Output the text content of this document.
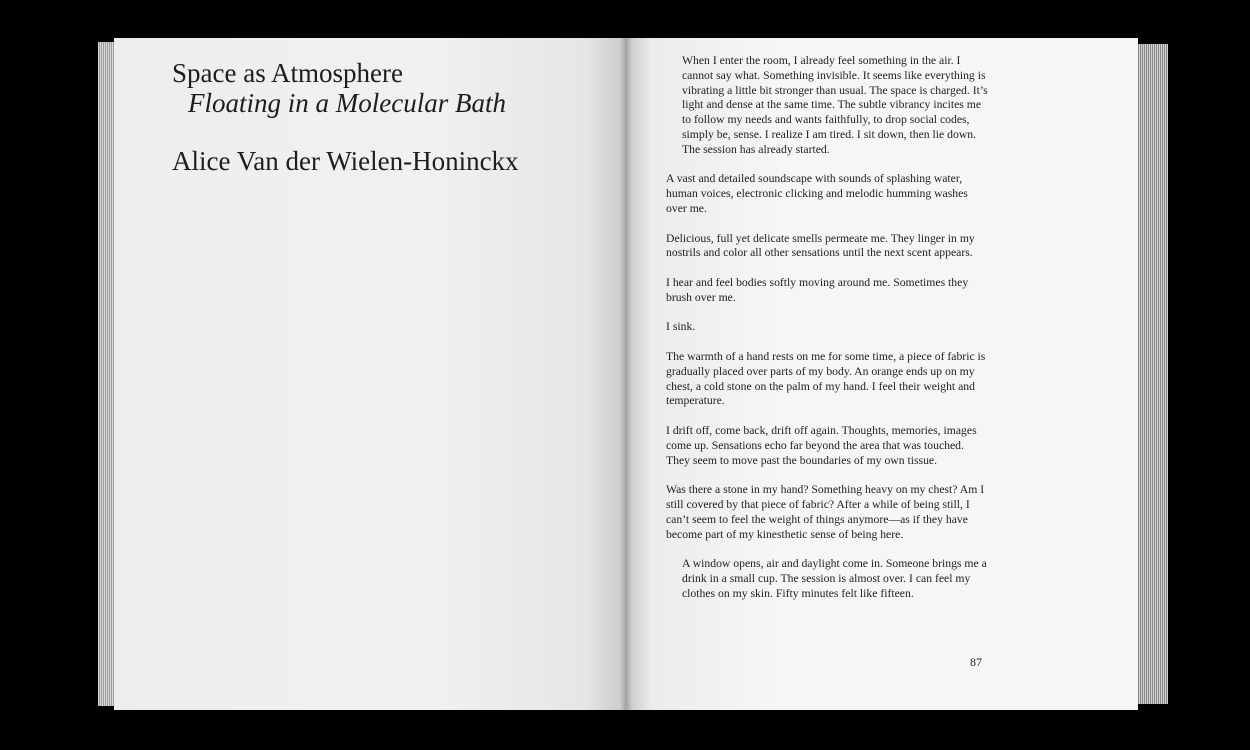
Space as Atmosphere
Floating in a Molecular Bath
Alice Van der Wielen-Honinckx

When I enter the room, I already feel something in the air. I cannot say what. Something invisible. It seems like everything is vibrating a little bit stronger than usual. The space is charged. It’s light and dense at the same time. The subtle vibrancy incites me to follow my needs and wants faithfully, to drop social codes, simply be, sense. I realize I am tired. I sit down, then lie down. The session has already started.

A vast and detailed soundscape with sounds of splashing water, human voices, electronic clicking and melodic humming washes over me.

Delicious, full yet delicate smells permeate me. They linger in my nostrils and color all other sensations until the next scent appears.

I hear and feel bodies softly moving around me. Sometimes they brush over me.

I sink.

The warmth of a hand rests on me for some time, a piece of fabric is gradually placed over parts of my body. An orange ends up on my chest, a cold stone on the palm of my hand. I feel their weight and temperature.

I drift off, come back, drift off again. Thoughts, memories, images come up. Sensations echo far beyond the area that was touched. They seem to move past the boundaries of my own tissue.

Was there a stone in my hand? Something heavy on my chest? Am I still covered by that piece of fabric? After a while of being still, I can’t seem to feel the weight of things anymore—as if they have become part of my kinesthetic sense of being here.

A window opens, air and daylight come in. Someone brings me a drink in a small cup. The session is almost over. I can feel my clothes on my skin. Fifty minutes felt like fifteen.

87
